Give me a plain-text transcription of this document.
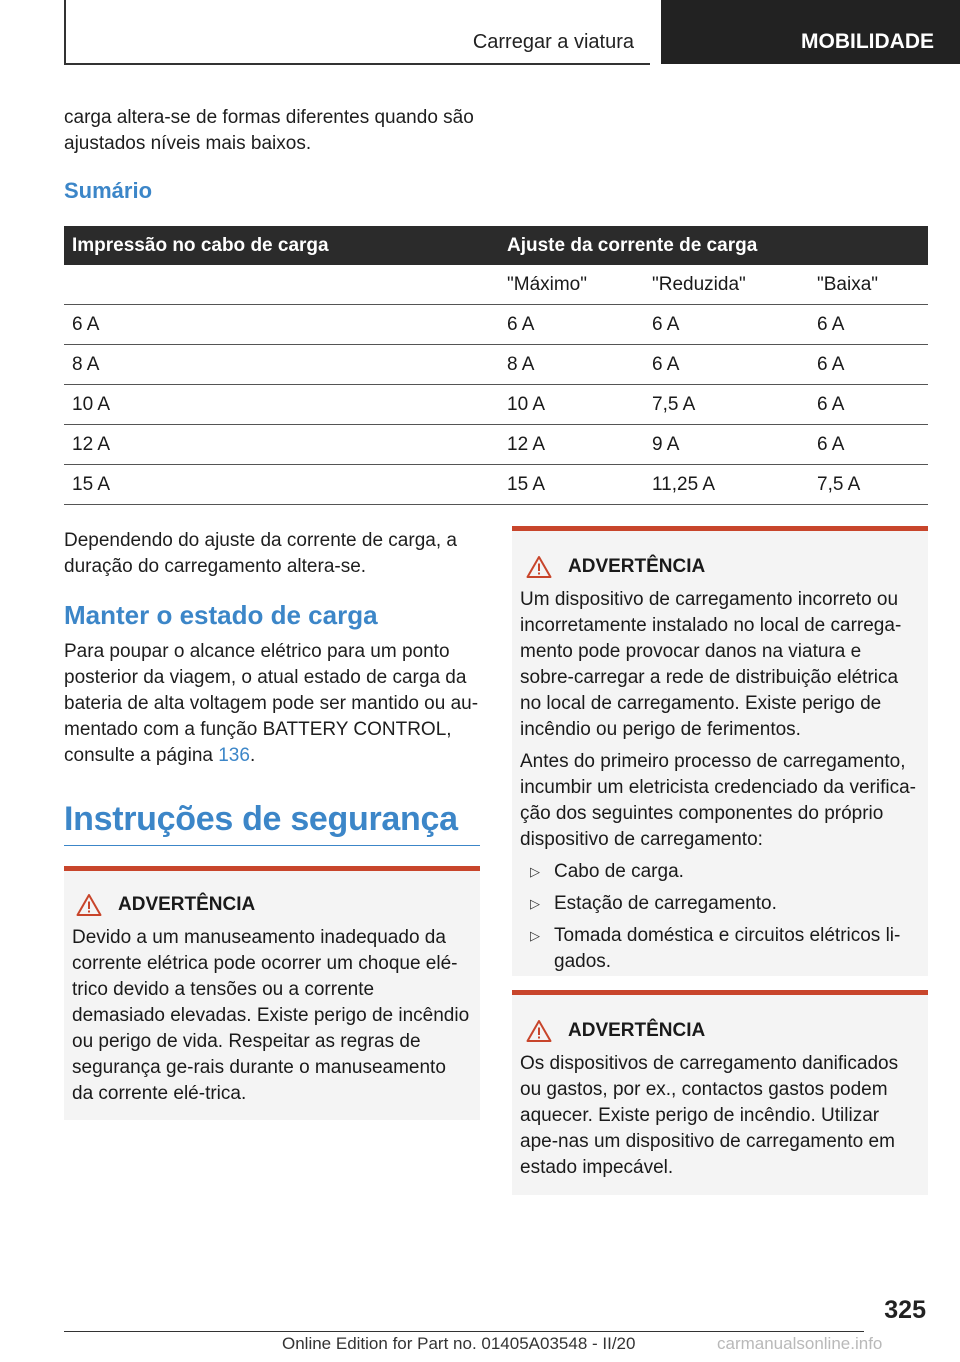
Carregar a viatura	MOBILIDADE
carga altera-se de formas diferentes quando são ajustados níveis mais baixos.
Sumário
Impressão no cabo de carga	Ajuste da corrente de carga		
	"Máximo"	"Reduzida"	"Baixa"
6 A	6 A	6 A	6 A
8 A	8 A	6 A	6 A
10 A	10 A	7,5 A	6 A
12 A	12 A	9 A	6 A
15 A	15 A	11,25 A	7,5 A
Dependendo do ajuste da corrente de carga, a duração do carregamento altera-se.
Manter o estado de carga
Para poupar o alcance elétrico para um ponto posterior da viagem, o atual estado de carga da bateria de alta voltagem pode ser mantido ou au-mentado com a função BATTERY CONTROL, consulte a página 136.
Instruções de segurança
ADVERTÊNCIA

Devido a um manuseamento inadequado da corrente elétrica pode ocorrer um choque elé-trico devido a tensões ou a corrente demasiado elevadas. Existe perigo de incêndio ou perigo de vida. Respeitar as regras de segurança ge-rais durante o manuseamento da corrente elé-trica.

ADVERTÊNCIA

Um dispositivo de carregamento incorreto ou incorretamente instalado no local de carrega-mento pode provocar danos na viatura e sobre-carregar a rede de distribuição elétrica no local de carregamento. Existe perigo de incêndio ou perigo de ferimentos.

Antes do primeiro processo de carregamento, incumbir um eletricista credenciado da verifica-ção dos seguintes componentes do próprio dispositivo de carregamento:

▷ Cabo de carga.
▷ Estação de carregamento.
▷ Tomada doméstica e circuitos elétricos li-gados.
ADVERTÊNCIA

Os dispositivos de carregamento danificados ou gastos, por ex., contactos gastos podem aquecer. Existe perigo de incêndio. Utilizar ape-nas um dispositivo de carregamento em estado impecável.

325
Online Edition for Part no. 01405A03548 - II/20	carmanualsonline.info
